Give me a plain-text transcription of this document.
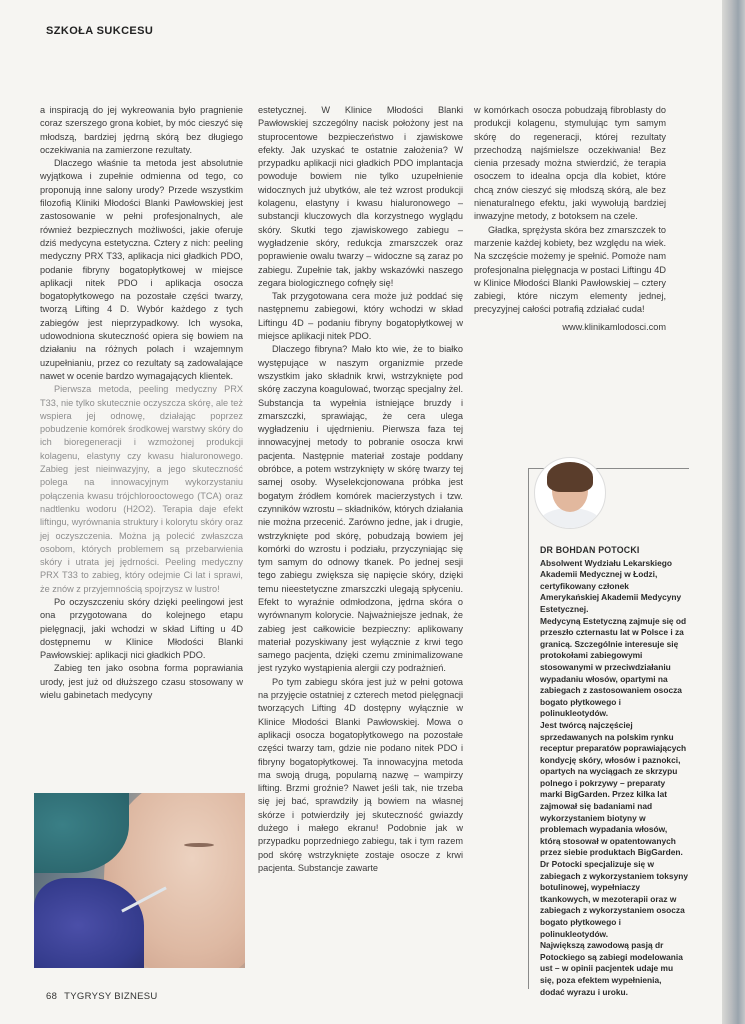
SZKOŁA SUKCESU

a inspiracją do jej wykreowania było pragnienie coraz szerszego grona kobiet, by móc cieszyć się młodszą, bardziej jędrną skórą bez długiego oczekiwania na zamierzone rezultaty.

Dlaczego właśnie ta metoda jest absolutnie wyjątkowa i zupełnie odmienna od tego, co proponują inne salony urody? Przede wszystkim filozofią Kliniki Młodości Blanki Pawłowskiej jest zastosowanie w pełni profesjonalnych, ale również bezpiecznych możliwości, jakie oferuje dziś medycyna estetyczna. Cztery z nich: peeling medyczny PRX T33, aplikacja nici gładkich PDO, podanie fibryny bogatopłytkowej w miejsce aplikacji nitek PDO i aplikacja osocza bogatopłytkowego na pozostałe części twarzy, tworzą Lifting 4 D. Wybór każdego z tych zabiegów jest nieprzypadkowy. Ich wysoka, udowodniona skuteczność opiera się bowiem na działaniu na różnych polach i wzajemnym uzupełnianiu, przez co rezultaty są zadowalające nawet w ocenie bardzo wymagających klientek.

Pierwsza metoda, peeling medyczny PRX T33, nie tylko skutecznie oczyszcza skórę, ale też wspiera jej odnowę, działając poprzez pobudzenie komórek środkowej warstwy skóry do ich bioregeneracji i wzmożonej produkcji kolagenu, elastyny czy kwasu hialuronowego. Zabieg jest nieinwazyjny, a jego skuteczność polega na innowacyjnym wykorzystaniu połączenia kwasu trójchlorooctowego (TCA) oraz nadtlenku wodoru (H2O2). Terapia daje efekt liftingu, wyrównania struktury i kolorytu skóry oraz jej oczyszczenia. Można ją polecić zwłaszcza osobom, których problemem są przebarwienia skóry i utrata jej jędrności. Peeling medyczny PRX T33 to zabieg, który odejmie Ci lat i sprawi, że znów z przyjemnością spojrzysz w lustro!

Po oczyszczeniu skóry dzięki peelingowi jest ona przygotowana do kolejnego etapu pielęgnacji, jaki wchodzi w skład Lifting u 4D dostępnemu w Klinice Młodości Blanki Pawłowskiej: aplikacji nici gładkich PDO.

Zabieg ten jako osobna forma poprawiania urody, jest już od dłuższego czasu stosowany w wielu gabinetach medycyny

estetycznej. W Klinice Młodości Blanki Pawłowskiej szczególny nacisk położony jest na stuprocentowe bezpieczeństwo i zjawiskowe efekty. Jak uzyskać te ostatnie założenia? W przypadku aplikacji nici gładkich PDO implantacja powoduje bowiem nie tylko uzupełnienie widocznych już ubytków, ale też wzrost produkcji kolagenu, elastyny i kwasu hialuronowego – substancji kluczowych dla korzystnego wyglądu skóry. Skutki tego zjawiskowego zabiegu – wygładzenie skóry, redukcja zmarszczek oraz poprawienie owalu twarzy – widoczne są zaraz po zabiegu. Zupełnie tak, jakby wskazówki naszego zegara biologicznego cofnęły się!

Tak przygotowana cera może już poddać się następnemu zabiegowi, który wchodzi w skład Liftingu 4D – podaniu fibryny bogatopłytkowej w miejsce aplikacji nitek PDO.

Dlaczego fibryna? Mało kto wie, że to białko występujące w naszym organizmie przede wszystkim jako składnik krwi, wstrzyknięte pod skórę zaczyna koagulować, tworząc specjalny żel. Substancja ta wypełnia istniejące bruzdy i zmarszczki, sprawiając, że cera ulega wygładzeniu i ujędrnieniu. Pierwsza faza tej innowacyjnej metody to pobranie osocza krwi pacjenta. Następnie materiał zostaje poddany obróbce, a potem wstrzyknięty w skórę twarzy tej samej osoby. Wyselekcjonowana próbka jest bogatym źródłem komórek macierzystych i tzw. czynników wzrostu – składników, których działania nie można przecenić. Zarówno jedne, jak i drugie, wstrzyknięte pod skórę, pobudzają bowiem jej komórki do wzrostu i podziału, przyczyniając się tym samym do odnowy tkanek. Po jednej sesji tego zabiegu zwiększa się napięcie skóry, dzięki temu nieestetyczne zmarszczki ulegają spłyceniu. Efekt to wyraźnie odmłodzona, jędrna skóra o wyrównanym kolorycie. Najważniejsze jednak, że zabieg jest całkowicie bezpieczny: aplikowany materiał pozyskiwany jest wyłącznie z krwi tego samego pacjenta, dzięki czemu zminimalizowane jest ryzyko wystąpienia alergii czy podrażnień.

Po tym zabiegu skóra jest już w pełni gotowa na przyjęcie ostatniej z czterech metod pielęgnacji tworzących Lifting 4D dostępny wyłącznie w Klinice Młodości Blanki Pawłowskiej. Mowa o aplikacji osocza bogatopłytkowego na pozostałe części twarzy tam, gdzie nie podano nitek PDO i fibryny bogatopłytkowej. Ta innowacyjna metoda ma swoją drugą, popularną nazwę – wampirzy lifting. Brzmi groźnie? Nawet jeśli tak, nie trzeba się jej bać, sprawdziły ją bowiem na własnej skórze i potwierdziły jej skuteczność gwiazdy dużego i małego ekranu! Podobnie jak w przypadku poprzedniego zabiegu, tak i tym razem pod skórę wstrzyknięte zostaje osocze z krwi pacjenta. Substancje zawarte

w komórkach osocza pobudzają fibroblasty do produkcji kolagenu, stymulując tym samym skórę do regeneracji, której rezultaty przechodzą najśmielsze oczekiwania! Bez cienia przesady można stwierdzić, że terapia osoczem to idealna opcja dla kobiet, które chcą znów cieszyć się młodszą skórą, ale bez nienaturalnego efektu, jaki wywołują bardziej inwazyjne metody, z botoksem na czele.

Gładka, sprężysta skóra bez zmarszczek to marzenie każdej kobiety, bez względu na wiek. Na szczęście możemy je spełnić. Pomoże nam profesjonalna pielęgnacja w postaci Liftingu 4D w Klinice Młodości Blanki Pawłowskiej – cztery zabiegi, które niczym elementy jednej, precyzyjnej całości potrafią zdziałać cuda!

www.klinikamlodosci.com

DR BOHDAN POTOCKI
Absolwent Wydziału Lekarskiego Akademii Medycznej w Łodzi, certyfikowany członek Amerykańskiej Akademii Medycyny Estetycznej.
Medycyną Estetyczną zajmuje się od przeszło czternastu lat w Polsce i za granicą. Szczególnie interesuje się protokołami zabiegowymi stosowanymi w przeciwdziałaniu wypadaniu włosów, opartymi na zabiegach z zastosowaniem osocza bogato płytkowego i polinukleotydów.
Jest twórcą najczęściej sprzedawanych na polskim rynku receptur preparatów poprawiających kondycję skóry, włosów i paznokci, opartych na wyciągach ze skrzypu polnego i pokrzywy – preparaty marki BigGarden. Przez kilka lat zajmował się badaniami nad wykorzystaniem biotyny w problemach wypadania włosów, którą stosował w opatentowanych przez siebie produktach BigGarden.
Dr Potocki specjalizuje się w zabiegach z wykorzystaniem toksyny botulinowej, wypełniaczy tkankowych, w mezoterapii oraz w zabiegach z wykorzystaniem osocza bogato płytkowego i polinukleotydów.
Największą zawodową pasją dr Potockiego są zabiegi modelowania ust – w opinii pacjentek udaje mu się, poza efektem wypełnienia, dodać wyrazu i uroku.
68 TYGRYSY BIZNESU
